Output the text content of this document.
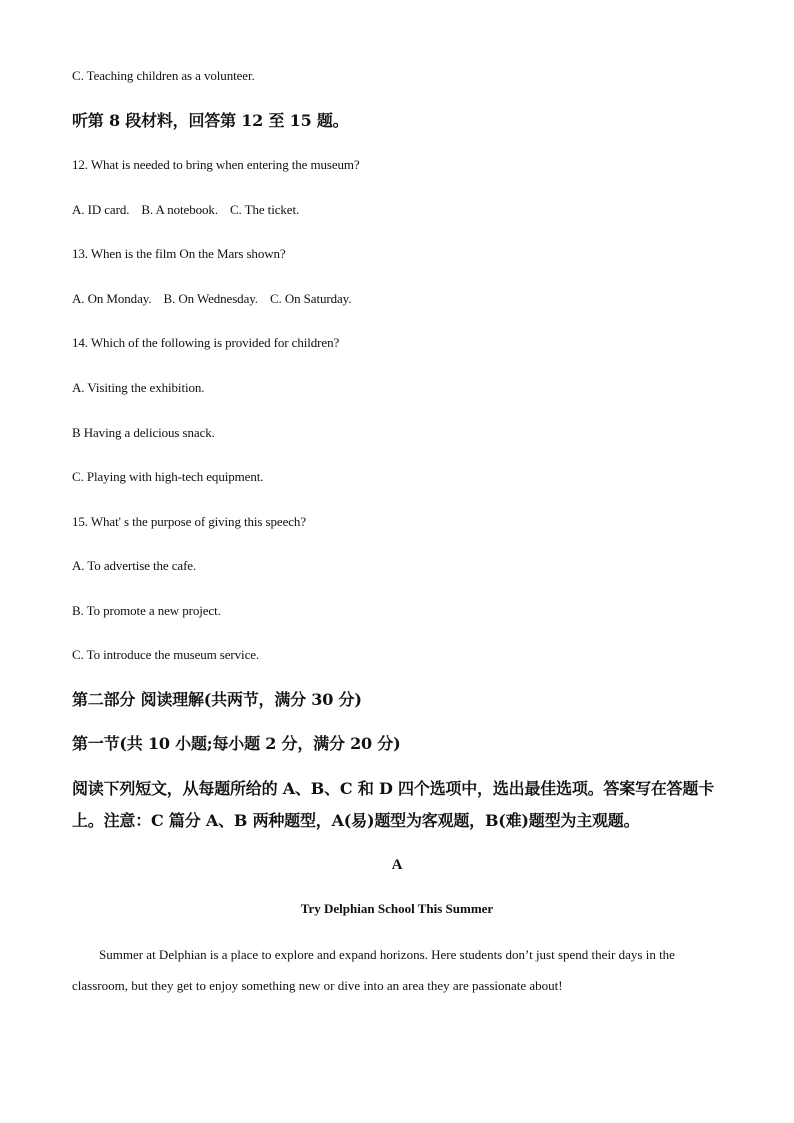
C. Teaching children as a volunteer.
听第 8 段材料，回答第 12 至 15 题。
12. What is needed to bring when entering the museum?
A. ID card. B. A notebook. C. The ticket.
13. When is the film On the Mars shown?
A. On Monday. B. On Wednesday. C. On Saturday.
14. Which of the following is provided for children?
A. Visiting the exhibition.
B Having a delicious snack.
C. Playing with high-tech equipment.
15. What' s the purpose of giving this speech?
A. To advertise the cafe.
B. To promote a new project.
C. To introduce the museum service.
第二部分 阅读理解(共两节，满分 30 分)
第一节(共 10 小题;每小题 2 分，满分 20 分)
阅读下列短文，从每题所给的 A、B、C 和 D 四个选项中，选出最佳选项。答案写在答题卡
上。注意：C 篇分 A、B 两种题型，A(易)题型为客观题，B(难)题型为主观题。
A
Try Delphian School This Summer
Summer at Delphian is a place to explore and expand horizons. Here students don’t just spend their days in the classroom, but they get to enjoy something new or dive into an area they are passionate about!
